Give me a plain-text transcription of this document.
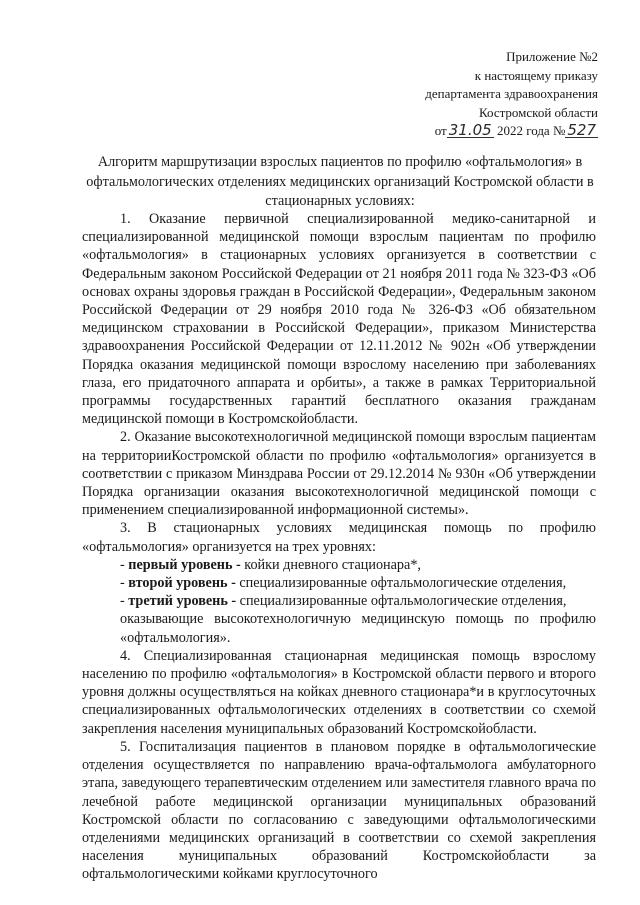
Приложение №2
к настоящему приказу
департамента здравоохранения
Костромской области
от 31.05 2022 года № 527
Алгоритм маршрутизации взрослых пациентов по профилю «офтальмология» в офтальмологических отделениях медицинских организаций Костромской области в стационарных условиях:

1. Оказание первичной специализированной медико-санитарной и специализированной медицинской помощи взрослым пациентам по профилю «офтальмология» в стационарных условиях организуется в соответствии с Федеральным законом Российской Федерации от 21 ноября 2011 года № 323-ФЗ «Об основах охраны здоровья граждан в Российской Федерации», Федеральным законом Российской Федерации от 29 ноября 2010 года № 326-ФЗ «Об обязательном медицинском страховании в Российской Федерации», приказом Министерства здравоохранения Российской Федерации от 12.11.2012 № 902н «Об утверждении Порядка оказания медицинской помощи взрослому населению при заболеваниях глаза, его придаточного аппарата и орбиты», а также в рамках Территориальной программы государственных гарантий бесплатного оказания гражданам медицинской помощи в Костромскойобласти.

2. Оказание высокотехнологичной медицинской помощи взрослым пациентам на территорииКостромской области по профилю «офтальмология» организуется в соответствии с приказом Минздрава России от 29.12.2014 № 930н «Об утверждении Порядка организации оказания высокотехнологичной медицинской помощи с применением специализированной информационной системы».

3. В стационарных условиях медицинская помощь по профилю «офтальмология» организуется на трех уровнях:

- первый уровень - койки дневного стационара*,

- второй уровень - специализированные офтальмологические отделения,

- третий уровень - специализированные офтальмологические отделения,

оказывающие высокотехнологичную медицинскую помощь по профилю «офтальмология».

4. Специализированная стационарная медицинская помощь взрослому населению по профилю «офтальмология» в Костромской области первого и второго уровня должны осуществляться на койках дневного стационара*и в круглосуточных специализированных офтальмологических отделениях в соответствии со схемой закрепления населения муниципальных образований Костромскойобласти.

5. Госпитализация пациентов в плановом порядке в офтальмологические отделения осуществляется по направлению врача-офтальмолога амбулаторного этапа, заведующего терапевтическим отделением или заместителя главного врача по лечебной работе медицинской организации муниципальных образований Костромской области по согласованию с заведующими офтальмологическими отделениями медицинских организаций в соответствии со схемой закрепления населения муниципальных образований Костромскойобласти за офтальмологическими койками круглосуточного
